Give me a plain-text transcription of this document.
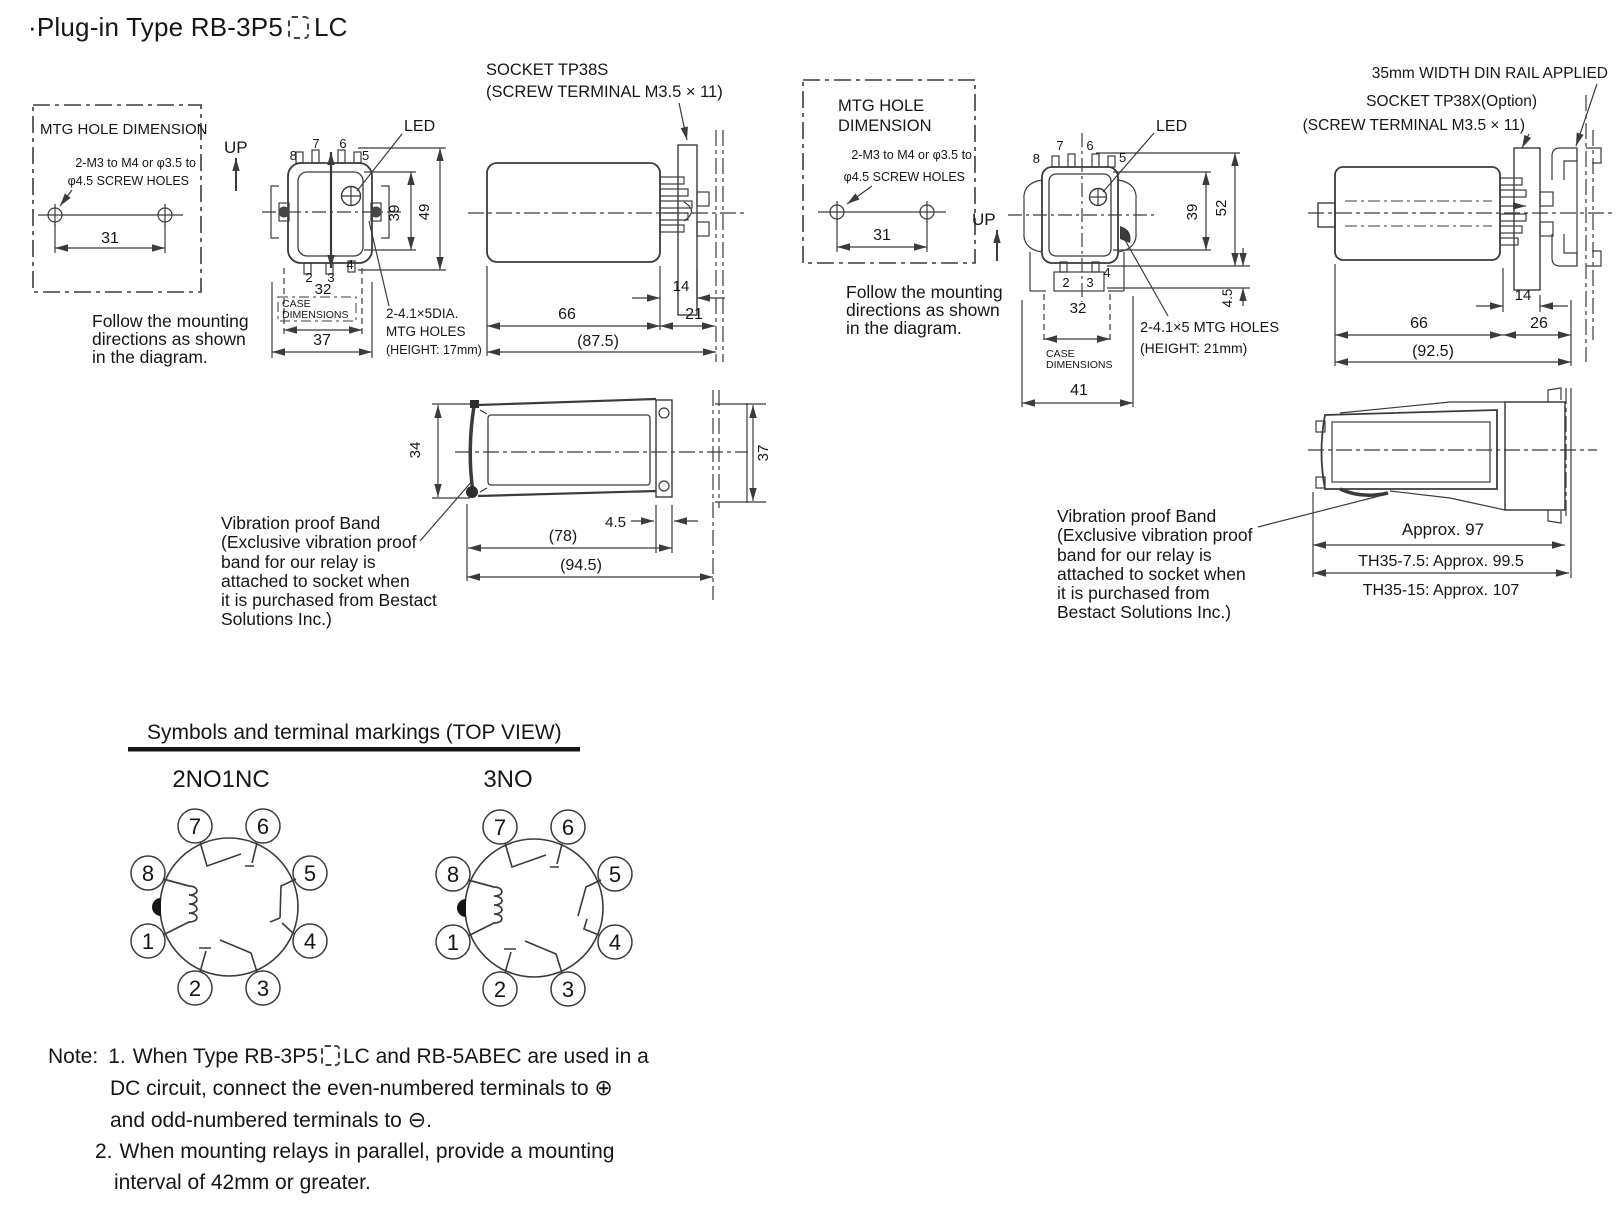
MTG HOLE DIMENSION
2-M3 to M4 or φ3.5 to
φ4.5 SCREW HOLES
31
UP
LED
7 6
8	5
2 3
4
39 49
32
CASE
DIMENSIONS
37
2-4.1×5DIA.
MTG HOLES
(HEIGHT: 17mm)
SOCKET TP38S
(SCREW TERMINAL M3.5 × 11)
14
66	21
(87.5)
34	37
4.5
(78)
(94.5)
MTG HOLE
DIMENSION
2-M3 to M4 or φ3.5 to
φ4.5 SCREW HOLES
31
UP
LED
7 6
8	5
2 3
4
39 52
4.5
32
CASE
DIMENSIONS
41
2-4.1×5 MTG HOLES
(HEIGHT: 21mm)
35mm WIDTH DIN RAIL APPLIED
SOCKET TP38X(Option)
(SCREW TERMINAL M3.5 × 11)
14
66	26
(92.5)
Approx. 97
TH35-7.5: Approx. 99.5
TH35-15: Approx. 107
Symbols and terminal markings (TOP VIEW)
2NO1NC	3NO
5
6
7
8
1
2	3
4
5
6
7
8
1
2	3
4
·Plug-in Type RB-3P5 LC
Follow the mounting
directions as shown
in the diagram.
Follow the mounting
directions as shown
in the diagram.
Vibration proof Band
(Exclusive vibration proof
band for our relay is
attached to socket when
it is purchased from Bestact
Solutions Inc.)
Vibration proof Band
(Exclusive vibration proof
band for our relay is
attached to socket when
it is purchased from
Bestact Solutions Inc.)
Note: 1. When Type RB-3P5 LC and RB-5ABEC are used in a
DC circuit, connect the even-numbered terminals to ⊕
and odd-numbered terminals to ⊖.
2. When mounting relays in parallel, provide a mounting
interval of 42mm or greater.
